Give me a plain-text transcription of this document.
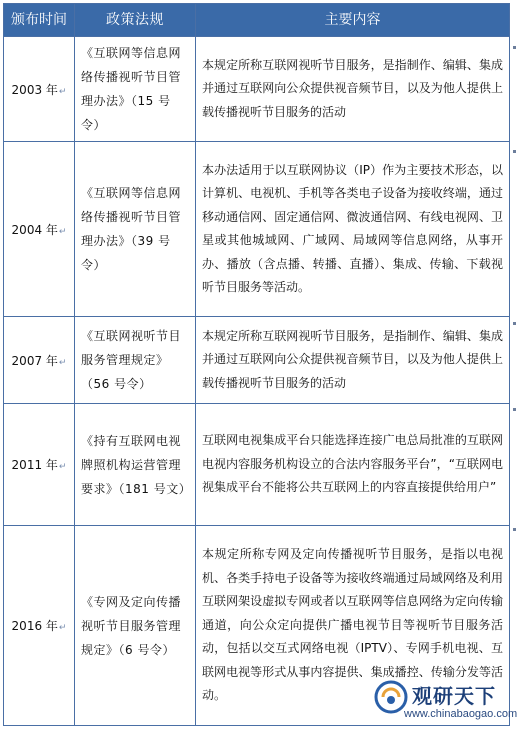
颁布时间	政策法规	主要内容
2003 年↵	《互联网等信息网络传播视听节目管理办法》（15 号令）	本规定所称互联网视听节目服务，是指制作、编辑、集成并通过互联网向公众提供视音频节目，以及为他人提供上载传播视听节目服务的活动
2004 年↵	《互联网等信息网络传播视听节目管理办法》（39 号令）	本办法适用于以互联网协议（IP）作为主要技术形态，以计算机、电视机、手机等各类电子设备为接收终端，通过移动通信网、固定通信网、微波通信网、有线电视网、卫星或其他城域网、广域网、局域网等信息网络，从事开办、播放（含点播、转播、直播）、集成、传输、下载视听节目服务等活动。
2007 年↵	《互联网视听节目服务管理规定》（56 号令）	本规定所称互联网视听节目服务，是指制作、编辑、集成并通过互联网向公众提供视音频节目，以及为他人提供上载传播视听节目服务的活动
2011 年↵	《持有互联网电视牌照机构运营管理要求》（181 号文）	互联网电视集成平台只能选择连接广电总局批准的互联网电视内容服务机构设立的合法内容服务平台”，“互联网电视集成平台不能将公共互联网上的内容直接提供给用户”
2016 年↵	《专网及定向传播视听节目服务管理规定》（6 号令）	本规定所称专网及定向传播视听节目服务，是指以电视机、各类手持电子设备等为接收终端通过局域网络及利用互联网架设虚拟专网或者以互联网等信息网络为定向传输通道，向公众定向提供广播电视节目等视听节目服务活动，包括以交互式网络电视（IPTV）、专网手机电视、互联网电视等形式从事内容提供、集成播控、传输分发等活动。	观研天下
www.chinabaogao.com
